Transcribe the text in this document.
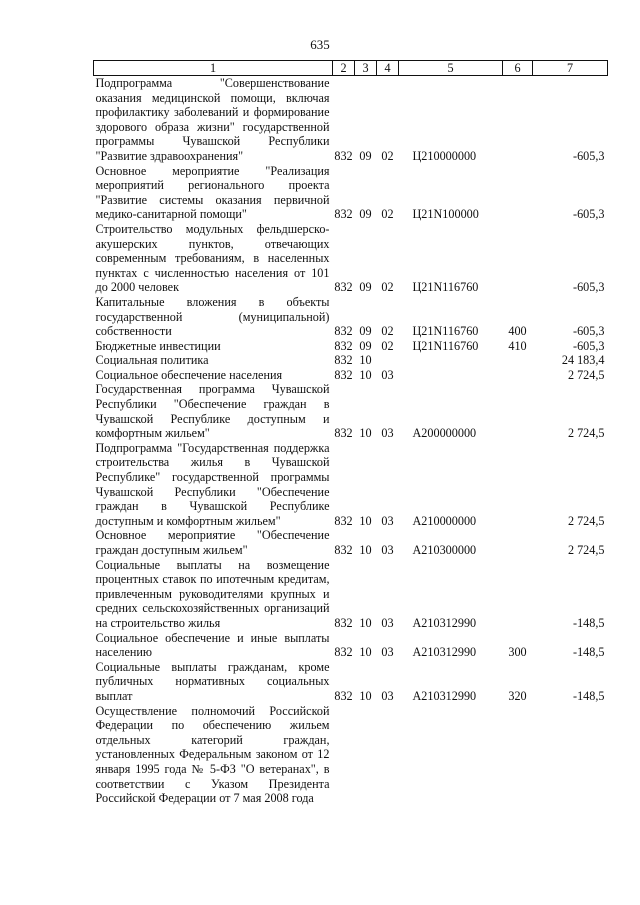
635
1	2	3	4	5	6	7
Подпрограмма "Совершенствование оказания медицинской помощи, включая профилактику заболеваний и формирование здорового образа жизни" государственной программы Чувашской Республики "Развитие здравоохранения"	832	09	02	Ц210000000		-605,3
Основное мероприятие "Реализация мероприятий регионального проекта "Развитие системы оказания первичной медико-санитарной помощи"	832	09	02	Ц21N100000		-605,3
Строительство модульных фельдшерско-акушерских пунктов, отвечающих современным требованиям, в населенных пунктах с численностью населения от 101 до 2000 человек	832	09	02	Ц21N116760		-605,3
Капитальные вложения в объекты государственной (муниципальной) собственности	832	09	02	Ц21N116760	400	-605,3
Бюджетные инвестиции	832	09	02	Ц21N116760	410	-605,3
Социальная политика	832	10				24 183,4
Социальное обеспечение населения	832	10	03			2 724,5
Государственная программа Чувашской Республики "Обеспечение граждан в Чувашской Республике доступным и комфортным жильем"	832	10	03	A200000000		2 724,5
Подпрограмма "Государственная поддержка строительства жилья в Чувашской Республике" государственной программы Чувашской Республики "Обеспечение граждан в Чувашской Республике доступным и комфортным жильем"	832	10	03	A210000000		2 724,5
Основное мероприятие "Обеспечение граждан доступным жильем"	832	10	03	A210300000		2 724,5
Социальные выплаты на возмещение процентных ставок по ипотечным кредитам, привлеченным руководителями крупных и средних сельскохозяйственных организаций на строительство жилья	832	10	03	A210312990		-148,5
Социальное обеспечение и иные выплаты населению	832	10	03	A210312990	300	-148,5
Социальные выплаты гражданам, кроме публичных нормативных социальных выплат	832	10	03	A210312990	320	-148,5
Осуществление полномочий Российской Федерации по обеспечению жильем отдельных категорий граждан, установленных Федеральным законом от 12 января 1995 года № 5-ФЗ "О ветеранах", в соответствии с Указом Президента Российской Федерации от 7 мая 2008 года						
